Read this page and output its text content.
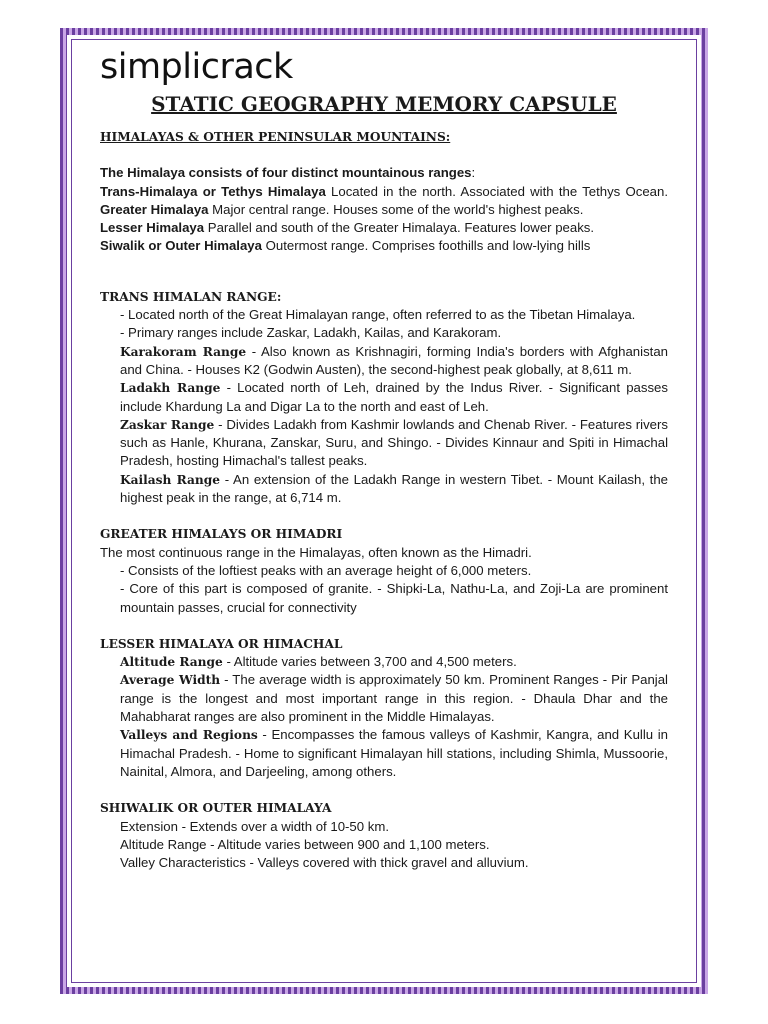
simplicrack
STATIC GEOGRAPHY MEMORY CAPSULE

HIMALAYAS & OTHER PENINSULAR MOUNTAINS:

The Himalaya consists of four distinct mountainous ranges:

Trans-Himalaya or Tethys Himalaya Located in the north. Associated with the Tethys Ocean. Greater Himalaya Major central range. Houses some of the world's highest peaks.

Lesser Himalaya Parallel and south of the Greater Himalaya. Features lower peaks.

Siwalik or Outer Himalaya Outermost range. Comprises foothills and low-lying hills

TRANS HIMALAN RANGE:

- Located north of the Great Himalayan range, often referred to as the Tibetan Himalaya.

- Primary ranges include Zaskar, Ladakh, Kailas, and Karakoram.

Karakoram Range - Also known as Krishnagiri, forming India's borders with Afghanistan and China. - Houses K2 (Godwin Austen), the second-highest peak globally, at 8,611 m.

Ladakh Range - Located north of Leh, drained by the Indus River. - Significant passes include Khardung La and Digar La to the north and east of Leh.

Zaskar Range - Divides Ladakh from Kashmir lowlands and Chenab River. - Features rivers such as Hanle, Khurana, Zanskar, Suru, and Shingo. - Divides Kinnaur and Spiti in Himachal Pradesh, hosting Himachal's tallest peaks.

Kailash Range - An extension of the Ladakh Range in western Tibet. - Mount Kailash, the highest peak in the range, at 6,714 m.

GREATER HIMALAYS OR HIMADRI

The most continuous range in the Himalayas, often known as the Himadri.

- Consists of the loftiest peaks with an average height of 6,000 meters.

- Core of this part is composed of granite. - Shipki-La, Nathu-La, and Zoji-La are prominent mountain passes, crucial for connectivity

LESSER HIMALAYA OR HIMACHAL

Altitude Range - Altitude varies between 3,700 and 4,500 meters.

Average Width - The average width is approximately 50 km. Prominent Ranges - Pir Panjal range is the longest and most important range in this region. - Dhaula Dhar and the Mahabharat ranges are also prominent in the Middle Himalayas.

Valleys and Regions - Encompasses the famous valleys of Kashmir, Kangra, and Kullu in Himachal Pradesh. - Home to significant Himalayan hill stations, including Shimla, Mussoorie, Nainital, Almora, and Darjeeling, among others.

SHIWALIK OR OUTER HIMALAYA

Extension - Extends over a width of 10-50 km.

Altitude Range - Altitude varies between 900 and 1,100 meters.

Valley Characteristics - Valleys covered with thick gravel and alluvium.
